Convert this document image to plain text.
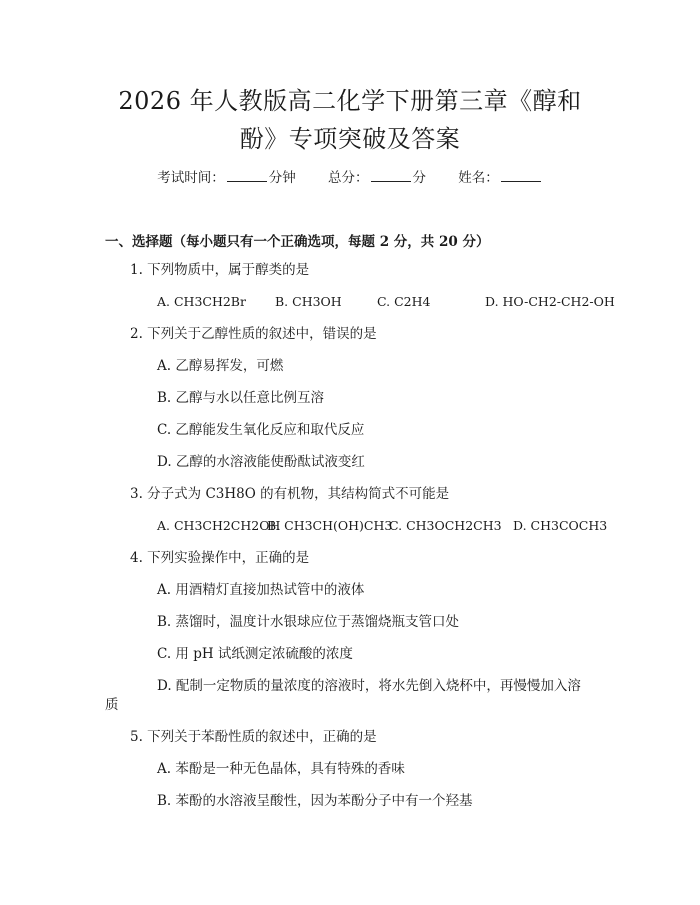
2026 年人教版高二化学下册第三章《醇和
酚》专项突破及答案
考试时间：	分钟 总分：	分 姓名：
一、选择题（每小题只有一个正确选项，每题 2 分，共 20 分）
1. 下列物质中，属于醇类的是
A. CH3CH2Br B. CH3OH	C. C2H4	D. HO-CH2-CH2-OH
2. 下列关于乙醇性质的叙述中，错误的是
A. 乙醇易挥发，可燃
B. 乙醇与水以任意比例互溶
C. 乙醇能发生氧化反应和取代反应
D. 乙醇的水溶液能使酚酞试液变红
3. 分子式为 C3H8O 的有机物，其结构简式不可能是
A. CH3CH2CH2OH
B. CH3CH(OH)CH3
C. CH3OCH2CH3 D. CH3COCH3
4. 下列实验操作中，正确的是
A. 用酒精灯直接加热试管中的液体
B. 蒸馏时，温度计水银球应位于蒸馏烧瓶支管口处
C. 用 pH 试纸测定浓硫酸的浓度
D. 配制一定物质的量浓度的溶液时，将水先倒入烧杯中，再慢慢加入溶
质
5. 下列关于苯酚性质的叙述中，正确的是
A. 苯酚是一种无色晶体，具有特殊的香味
B. 苯酚的水溶液呈酸性，因为苯酚分子中有一个羟基
